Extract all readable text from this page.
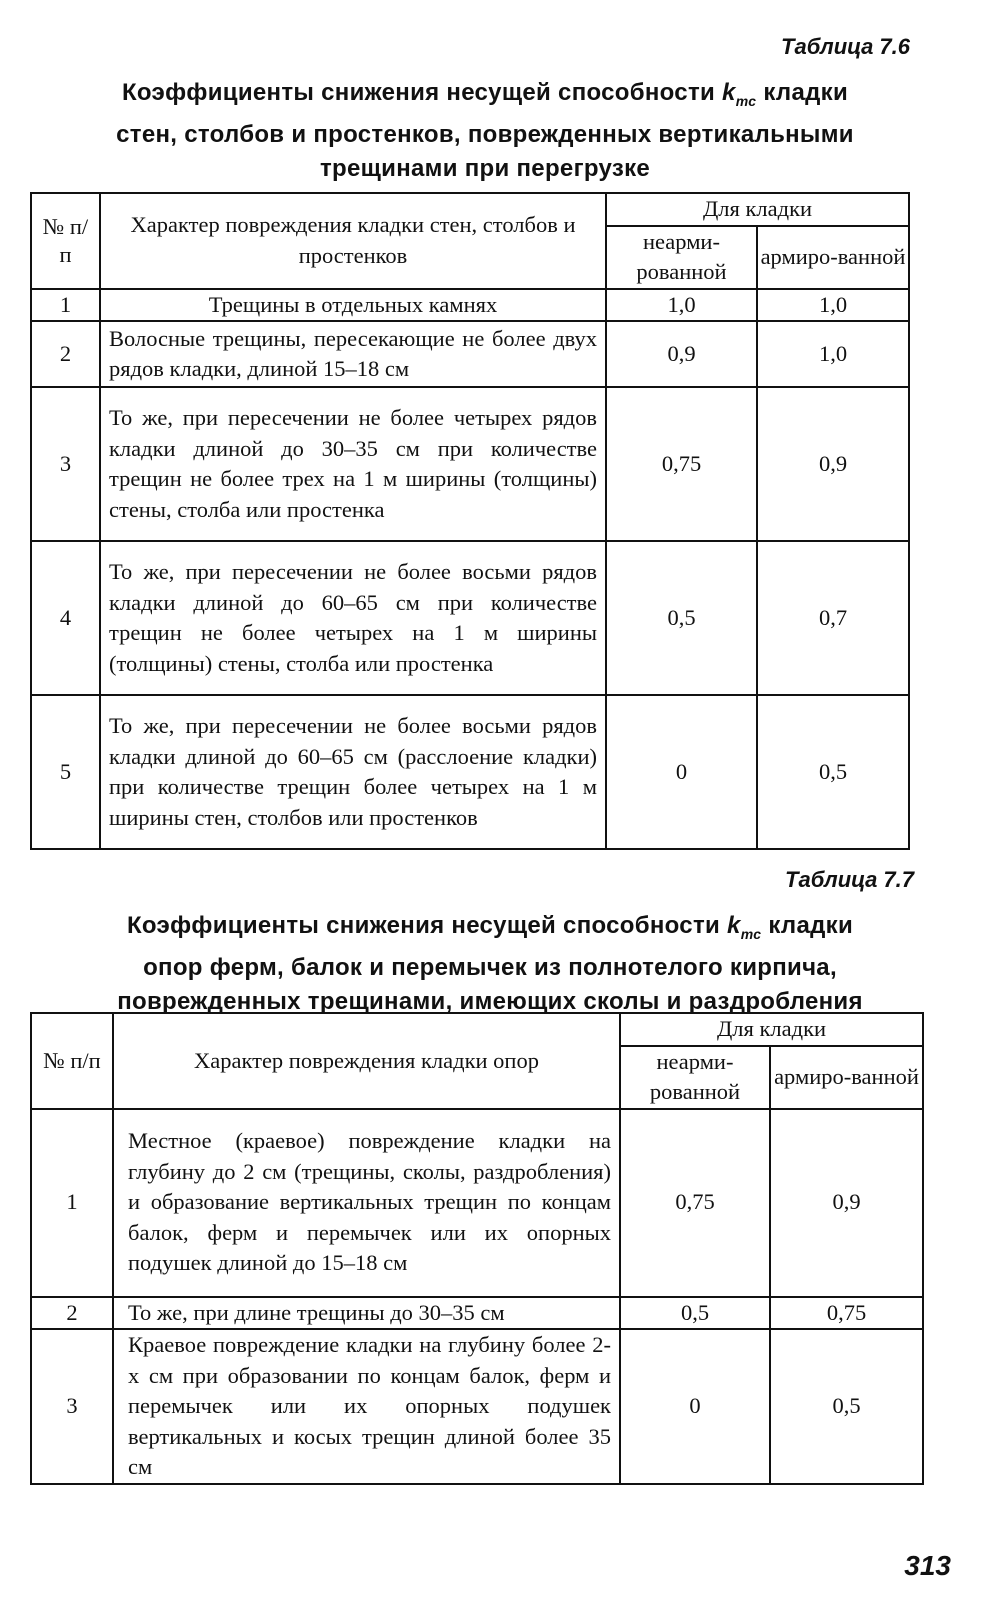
Таблица 7.6
Коэффициенты снижения несущей способности $k_{тс}$ кладки
стен, столбов и простенков, поврежденных вертикальными
трещинами при перегрузке
№ п/ п	Характер повреждения кладки стен, столбов и простенков	Для кладки	
		неарми-рованной	армиро-ванной
1	Трещины в отдельных камнях	1,0	1,0
2	Волосные трещины, пересекающие не более двух рядов кладки, длиной 15–18 см	0,9	1,0
3	То же, при пересечении не более четырех рядов кладки длиной до 30–35 см при количестве трещин не более трех на 1 м ширины (толщины) стены, столба или простенка	0,75	0,9
4	То же, при пересечении не более восьми рядов кладки длиной до 60–65 см при количестве трещин не более четырех на 1 м ширины (толщины) стены, столба или простенка	0,5	0,7
5	То же, при пересечении не более восьми рядов кладки длиной до 60–65 см (расслоение кладки) при количестве трещин более четырех на 1 м ширины стен, столбов или простенков	0	0,5
Таблица 7.7
Коэффициенты снижения несущей способности $k_{тс}$ кладки
опор ферм, балок и перемычек из полнотелого кирпича,
поврежденных трещинами, имеющих сколы и раздробления
№ п/п	Характер повреждения кладки опор	Для кладки	
		неарми-рованной	армиро-ванной
1	Местное (краевое) повреждение кладки на глубину до 2 см (трещины, сколы, раздробления) и образование вертикальных трещин по концам балок, ферм и перемычек или их опорных подушек длиной до 15–18 см	0,75	0,9
2	То же, при длине трещины до 30–35 см	0,5	0,75
3	Краевое повреждение кладки на глубину более 2-х см при образовании по концам балок, ферм и перемычек или их опорных подушек вертикальных и косых трещин длиной более 35 см	0	0,5
313
